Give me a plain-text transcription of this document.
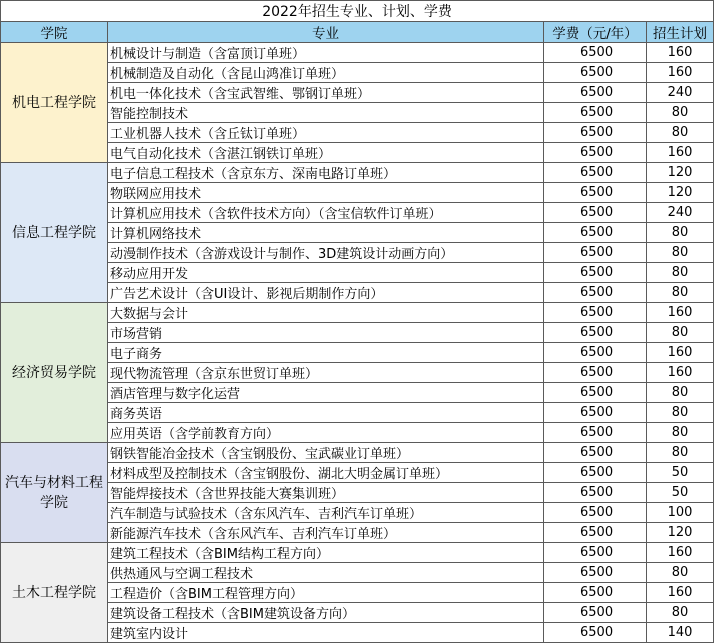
2022年招生专业、计划、学费			
学院	专业	学费（元/年）	招生计划
机电工程学院	机械设计与制造（含富顶订单班）	6500	160
	机械制造及自动化（含昆山鸿准订单班）	6500	160
	机电一体化技术（含宝武智维、鄂钢订单班）	6500	240
	智能控制技术	6500	80
	工业机器人技术（含丘钛订单班）	6500	80
	电气自动化技术（含湛江钢铁订单班）	6500	160
信息工程学院	电子信息工程技术（含京东方、深南电路订单班）	6500	120
	物联网应用技术	6500	120
	计算机应用技术（含软件技术方向）（含宝信软件订单班）	6500	240
	计算机网络技术	6500	80
	动漫制作技术（含游戏设计与制作、3D建筑设计动画方向）	6500	80
	移动应用开发	6500	80
	广告艺术设计（含UI设计、影视后期制作方向）	6500	80
经济贸易学院	大数据与会计	6500	160
	市场营销	6500	80
	电子商务	6500	160
	现代物流管理（含京东世贸订单班）	6500	160
	酒店管理与数字化运营	6500	80
	商务英语	6500	80
	应用英语（含学前教育方向）	6500	80
汽车与材料工程学院	钢铁智能冶金技术（含宝钢股份、宝武碳业订单班）	6500	80
	材料成型及控制技术（含宝钢股份、湖北大明金属订单班）	6500	50
	智能焊接技术（含世界技能大赛集训班）	6500	50
	汽车制造与试验技术（含东风汽车、吉利汽车订单班）	6500	100
	新能源汽车技术（含东风汽车、吉利汽车订单班）	6500	120
土木工程学院	建筑工程技术（含BIM结构工程方向）	6500	160
	供热通风与空调工程技术	6500	80
	工程造价（含BIM工程管理方向）	6500	160
	建筑设备工程技术（含BIM建筑设备方向）	6500	80
	建筑室内设计	6500	140
